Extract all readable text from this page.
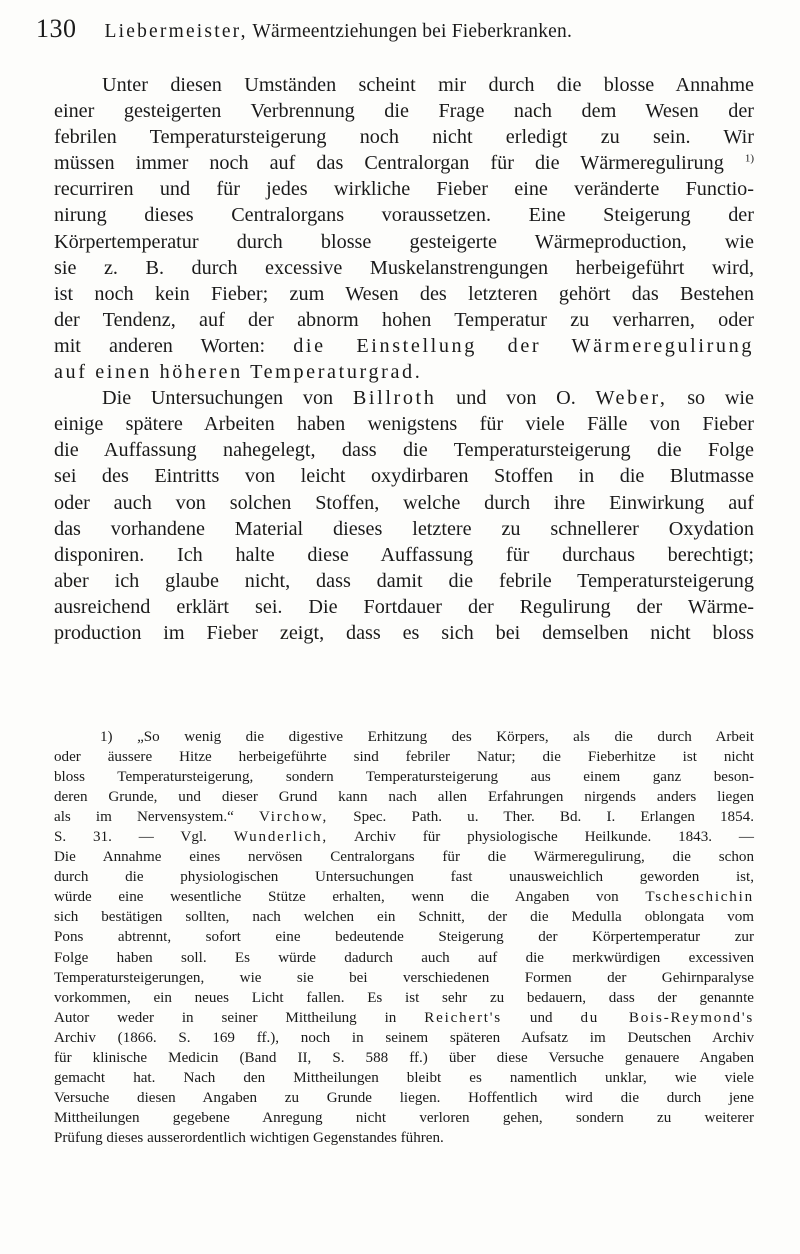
130 Liebermeister, Wärmeentziehungen bei Fieberkranken.
Unter diesen Umständen scheint mir durch die blosse Annahme
einer gesteigerten Verbrennung die Frage nach dem Wesen der
febrilen Temperatursteigerung noch nicht erledigt zu sein. Wir
müssen immer noch auf das Centralorgan für die Wärmeregulirung $^{1)}$
recurriren und für jedes wirkliche Fieber eine veränderte Functio-
nirung dieses Centralorgans voraussetzen. Eine Steigerung der
Körpertemperatur durch blosse gesteigerte Wärmeproduction, wie
sie z. B. durch excessive Muskelanstrengungen herbeigeführt wird,
ist noch kein Fieber; zum Wesen des letzteren gehört das Bestehen
der Tendenz, auf der abnorm hohen Temperatur zu verharren, oder
mit anderen Worten: die Einstellung der Wärmeregulirung
auf einen höheren Temperaturgrad.
Die Untersuchungen von Billroth und von O. Weber, so wie
einige spätere Arbeiten haben wenigstens für viele Fälle von Fieber
die Auffassung nahegelegt, dass die Temperatursteigerung die Folge
sei des Eintritts von leicht oxydirbaren Stoffen in die Blutmasse
oder auch von solchen Stoffen, welche durch ihre Einwirkung auf
das vorhandene Material dieses letztere zu schnellerer Oxydation
disponiren. Ich halte diese Auffassung für durchaus berechtigt;
aber ich glaube nicht, dass damit die febrile Temperatursteigerung
ausreichend erklärt sei. Die Fortdauer der Regulirung der Wärme-
production im Fieber zeigt, dass es sich bei demselben nicht bloss
1) „So wenig die digestive Erhitzung des Körpers, als die durch Arbeit
oder äussere Hitze herbeigeführte sind febriler Natur; die Fieberhitze ist nicht
bloss Temperatursteigerung, sondern Temperatursteigerung aus einem ganz beson-
deren Grunde, und dieser Grund kann nach allen Erfahrungen nirgends anders liegen
als im Nervensystem.“ Virchow, Spec. Path. u. Ther. Bd. I. Erlangen 1854.
S. 31. — Vgl. Wunderlich, Archiv für physiologische Heilkunde. 1843. —
Die Annahme eines nervösen Centralorgans für die Wärmeregulirung, die schon
durch die physiologischen Untersuchungen fast unausweichlich geworden ist,
würde eine wesentliche Stütze erhalten, wenn die Angaben von Tscheschichin
sich bestätigen sollten, nach welchen ein Schnitt, der die Medulla oblongata vom
Pons abtrennt, sofort eine bedeutende Steigerung der Körpertemperatur zur
Folge haben soll. Es würde dadurch auch auf die merkwürdigen excessiven
Temperatursteigerungen, wie sie bei verschiedenen Formen der Gehirnparalyse
vorkommen, ein neues Licht fallen. Es ist sehr zu bedauern, dass der genannte
Autor weder in seiner Mittheilung in Reichert's und du Bois-Reymond's
Archiv (1866. S. 169 ff.), noch in seinem späteren Aufsatz im Deutschen Archiv
für klinische Medicin (Band II, S. 588 ff.) über diese Versuche genauere Angaben
gemacht hat. Nach den Mittheilungen bleibt es namentlich unklar, wie viele
Versuche diesen Angaben zu Grunde liegen. Hoffentlich wird die durch jene
Mittheilungen gegebene Anregung nicht verloren gehen, sondern zu weiterer
Prüfung dieses ausserordentlich wichtigen Gegenstandes führen.
